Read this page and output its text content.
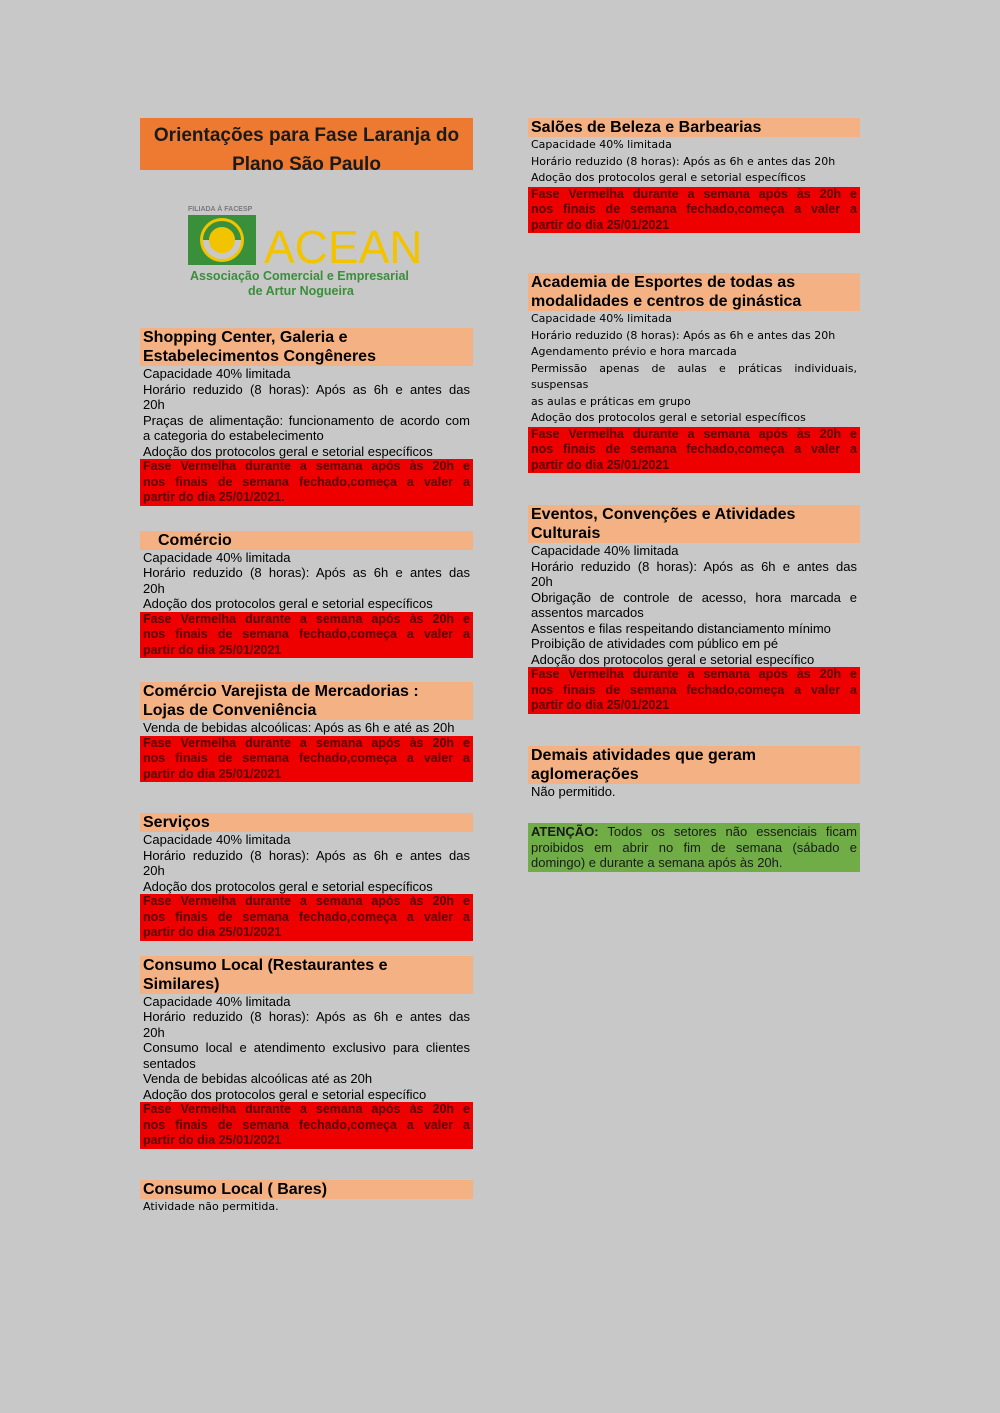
Orientações para Fase Laranja do
Plano São Paulo
FILIADA À FACESP
ACEAN
Associação Comercial e Empresarial
de Artur Nogueira
Shopping Center, Galeria e
Estabelecimentos Congêneres
Capacidade 40% limitada
Horário reduzido (8 horas): Após as 6h e antes das
20h
Praças de alimentação: funcionamento de acordo com
a categoria do estabelecimento
Adoção dos protocolos geral e setorial específicos
Fase Vermelha durante a semana após às 20h e
nos finais de semana fechado,começa a valer a
partir do dia 25/01/2021.
Comércio
Capacidade 40% limitada
Horário reduzido (8 horas): Após as 6h e antes das
20h
Adoção dos protocolos geral e setorial específicos
Fase Vermelha durante a semana após às 20h e
nos finais de semana fechado,começa a valer a
partir do dia 25/01/2021
Comércio Varejista de Mercadorias :
Lojas de Conveniência
Venda de bebidas alcoólicas: Após as 6h e até as 20h
Fase Vermelha durante a semana após às 20h e
nos finais de semana fechado,começa a valer a
partir do dia 25/01/2021
Serviços
Capacidade 40% limitada
Horário reduzido (8 horas): Após as 6h e antes das
20h
Adoção dos protocolos geral e setorial específicos
Fase Vermelha durante a semana após às 20h e
nos finais de semana fechado,começa a valer a
partir do dia 25/01/2021
Consumo Local (Restaurantes e
Similares)
Capacidade 40% limitada
Horário reduzido (8 horas): Após as 6h e antes das
20h
Consumo local e atendimento exclusivo para clientes
sentados
Venda de bebidas alcoólicas até as 20h
Adoção dos protocolos geral e setorial específico
Fase Vermelha durante a semana após às 20h e
nos finais de semana fechado,começa a valer a
partir do dia 25/01/2021
Consumo Local ( Bares)
Atividade não permitida.
Salões de Beleza e Barbearias
Capacidade 40% limitada
Horário reduzido (8 horas): Após as 6h e antes das 20h
Adoção dos protocolos geral e setorial específicos
Fase Vermelha durante a semana após às 20h e
nos finais de semana fechado,começa a valer a
partir do dia 25/01/2021
Academia de Esportes de todas as
modalidades e centros de ginástica
Capacidade 40% limitada
Horário reduzido (8 horas): Após as 6h e antes das 20h
Agendamento prévio e hora marcada
Permissão apenas de aulas e práticas individuais, suspensas
as aulas e práticas em grupo
Adoção dos protocolos geral e setorial específicos
Fase Vermelha durante a semana após às 20h e
nos finais de semana fechado,começa a valer a
partir do dia 25/01/2021
Eventos, Convenções e Atividades
Culturais
Capacidade 40% limitada
Horário reduzido (8 horas): Após as 6h e antes das
20h
Obrigação de controle de acesso, hora marcada e
assentos marcados
Assentos e filas respeitando distanciamento mínimo
Proibição de atividades com público em pé
Adoção dos protocolos geral e setorial específico
Fase Vermelha durante a semana após às 20h e
nos finais de semana fechado,começa a valer a
partir do dia 25/01/2021
Demais atividades que geram
aglomerações
Não permitido.
ATENÇÃO: Todos os setores não essenciais ficam proibidos em abrir no fim de semana (sábado e domingo) e durante a semana após às 20h.
